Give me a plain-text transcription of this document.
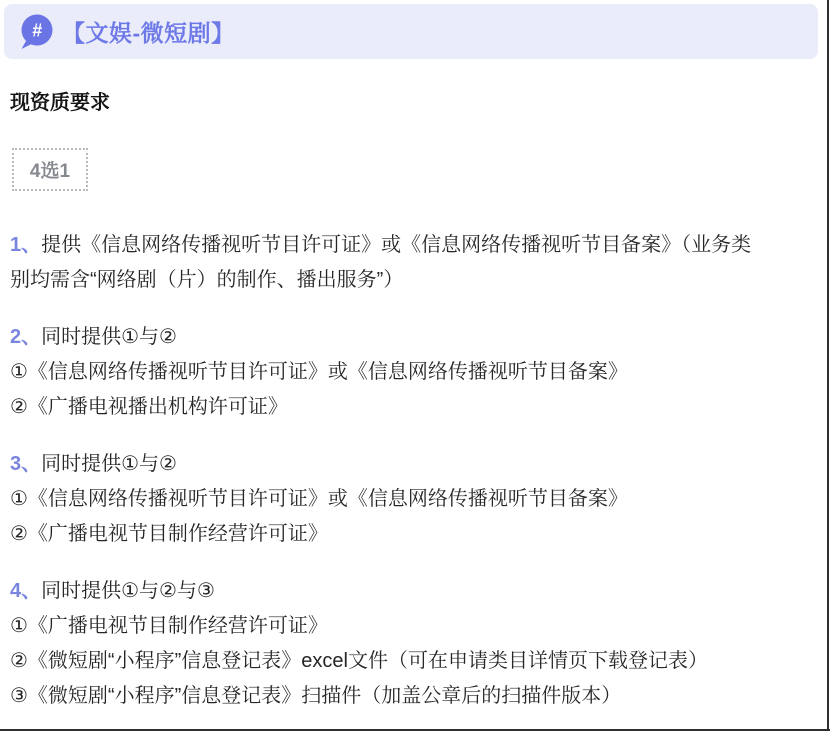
# 【文娱-微短剧】
现资质要求
4选1

1、提供《信息网络传播视听节目许可证》或《信息网络传播视听节目备案》（业务类别均需含“网络剧（片）的制作、播出服务”）

2、同时提供①与②

①《信息网络传播视听节目许可证》或《信息网络传播视听节目备案》

②《广播电视播出机构许可证》

3、同时提供①与②

①《信息网络传播视听节目许可证》或《信息网络传播视听节目备案》

②《广播电视节目制作经营许可证》

4、同时提供①与②与③

①《广播电视节目制作经营许可证》

②《微短剧“小程序”信息登记表》excel文件（可在申请类目详情页下载登记表）

③《微短剧“小程序”信息登记表》扫描件（加盖公章后的扫描件版本）
